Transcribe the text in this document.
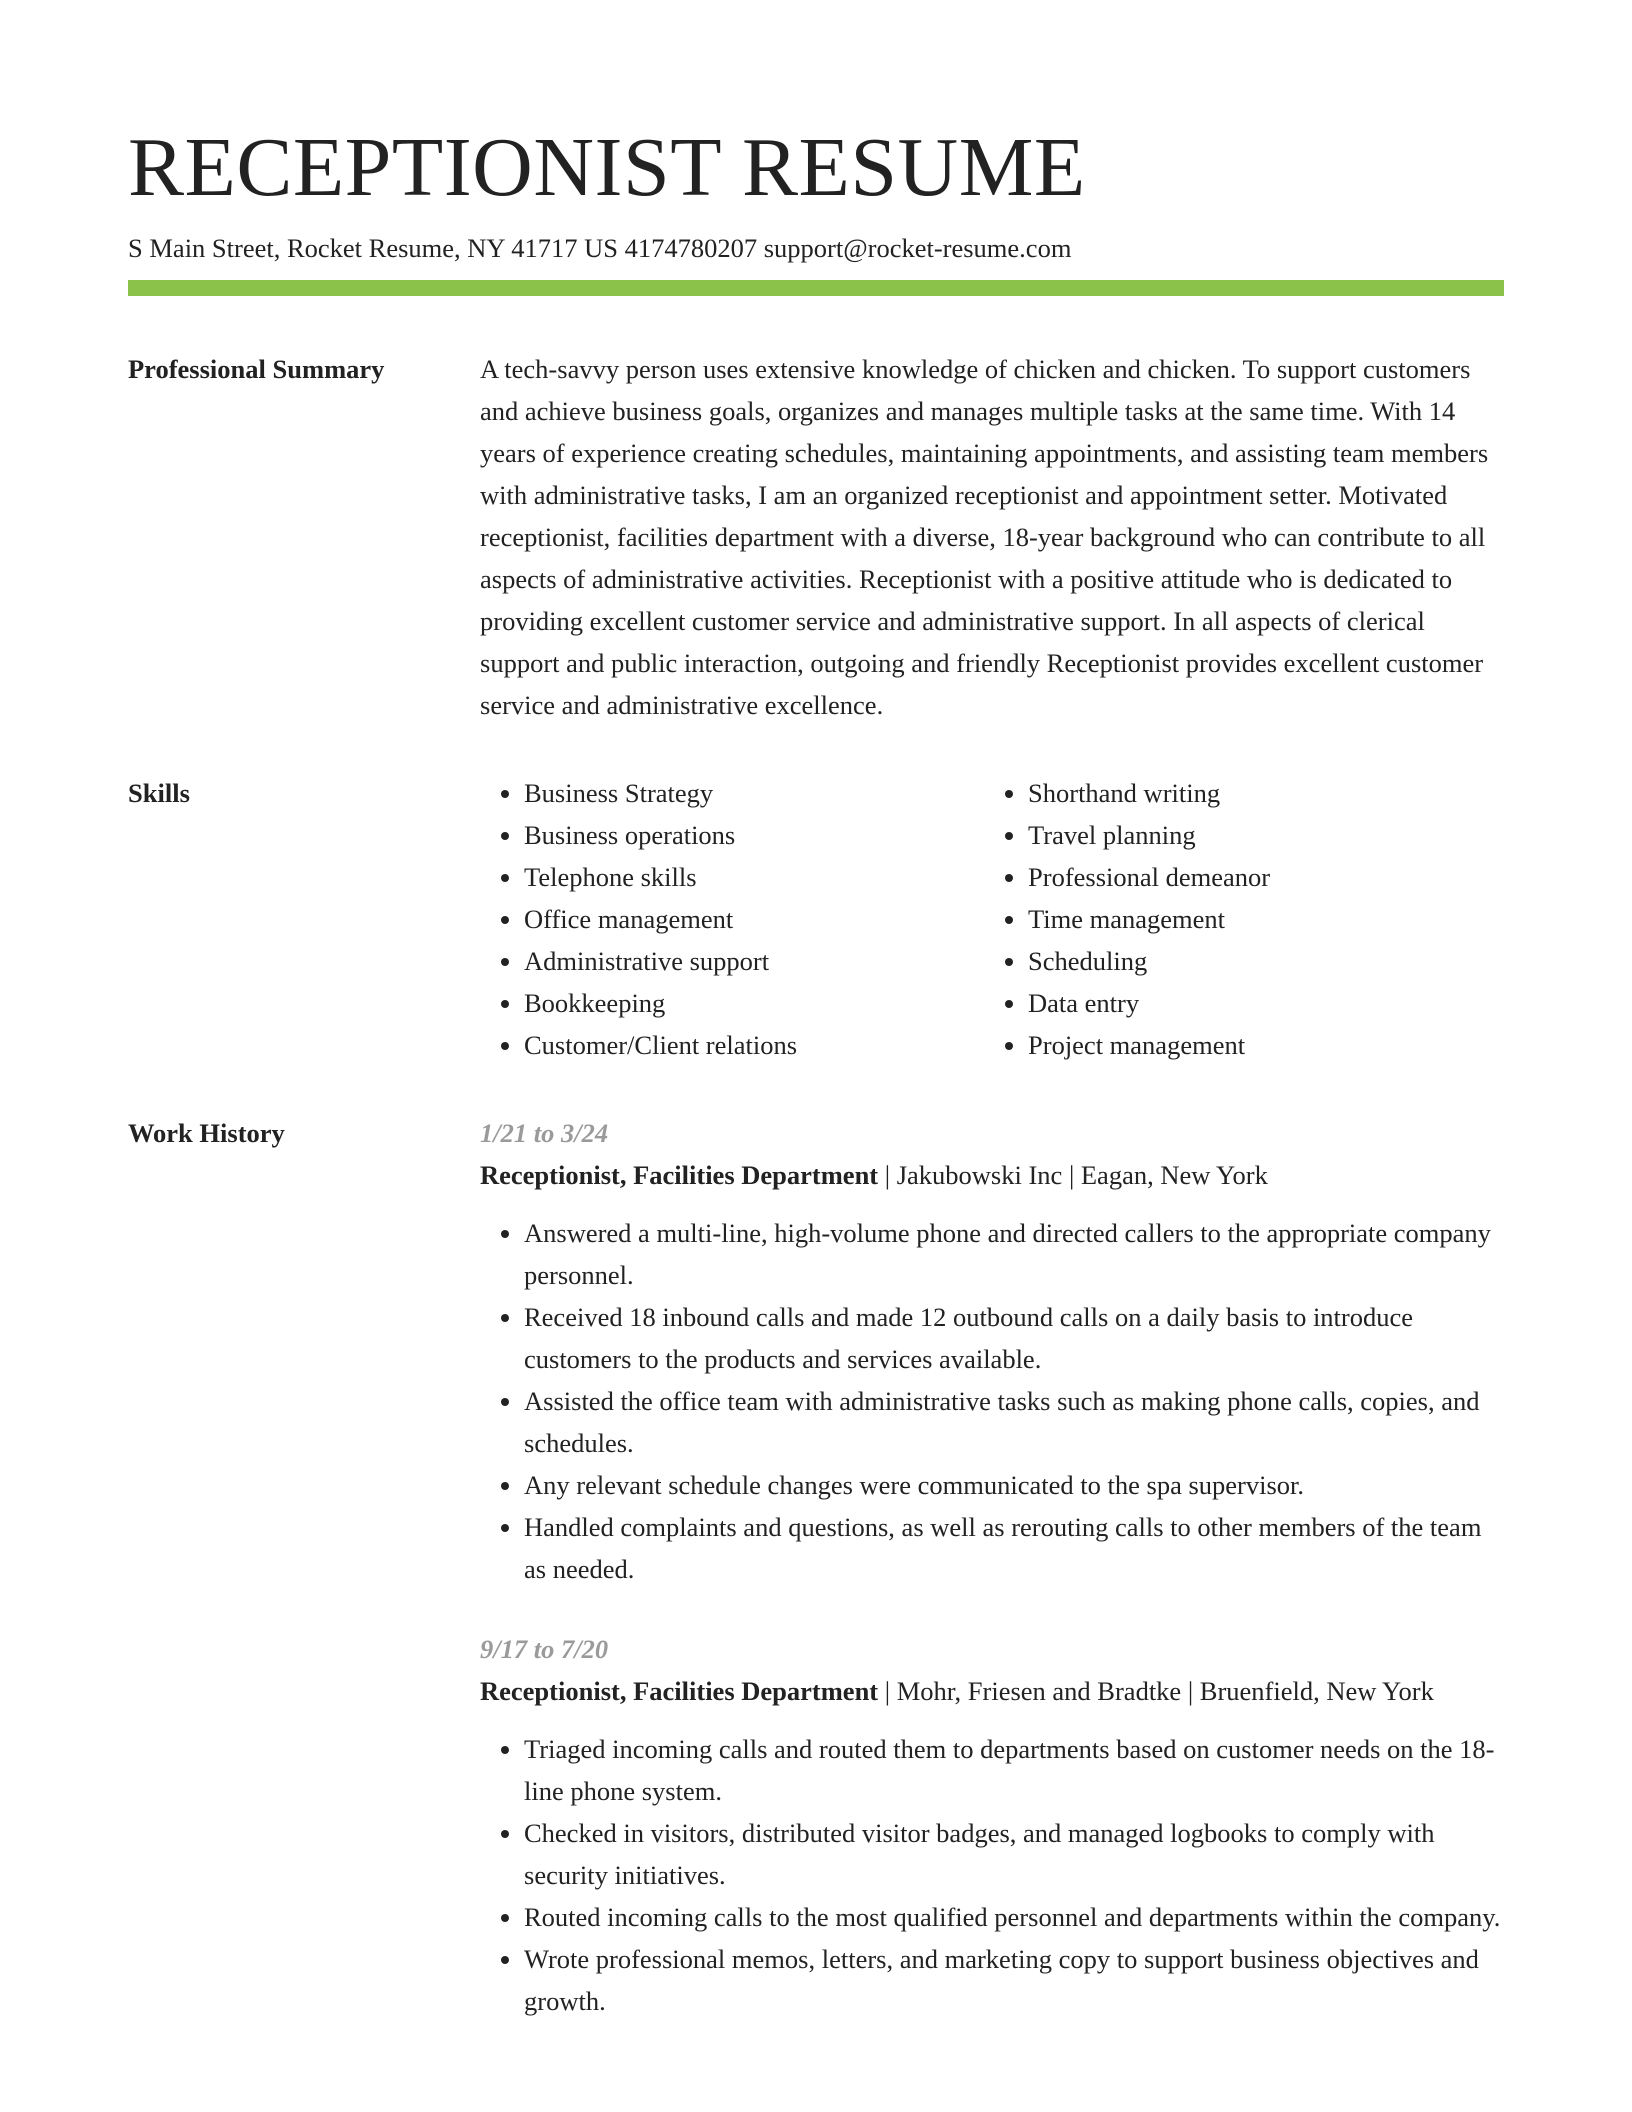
RECEPTIONIST RESUME
S Main Street, Rocket Resume, NY 41717 US 4174780207 support@rocket-resume.com
Professional Summary	A tech-savvy person uses extensive knowledge of chicken and chicken. To support customers and achieve business goals, organizes and manages multiple tasks at the same time. With 14 years of experience creating schedules, maintaining appointments, and assisting team members with administrative tasks, I am an organized receptionist and appointment setter. Motivated receptionist, facilities department with a diverse, 18-year background who can contribute to all aspects of administrative activities. Receptionist with a positive attitude who is dedicated to providing excellent customer service and administrative support. In all aspects of clerical support and public interaction, outgoing and friendly Receptionist provides excellent customer service and administrative excellence.

Skills
•	Business Strategy
• Business operations
• Telephone skills
• Office management
• Administrative support
• Bookkeeping
• Customer/Client relations
• Shorthand writing
• Travel planning
• Professional demeanor
• Time management
• Scheduling
• Data entry
• Project management
Work History	1/21 to 3/24
Receptionist, Facilities Department | Jakubowski Inc | Eagan, New York
• Answered a multi-line, high-volume phone and directed callers to the appropriate company personnel.
• Received 18 inbound calls and made 12 outbound calls on a daily basis to introduce customers to the products and services available.
• Assisted the office team with administrative tasks such as making phone calls, copies, and schedules.
• Any relevant schedule changes were communicated to the spa supervisor.
• Handled complaints and questions, as well as rerouting calls to other members of the team as needed.
9/17 to 7/20
Receptionist, Facilities Department | Mohr, Friesen and Bradtke | Bruenfield, New York
• Triaged incoming calls and routed them to departments based on customer needs on the 18-line phone system.
• Checked in visitors, distributed visitor badges, and managed logbooks to comply with security initiatives.
• Routed incoming calls to the most qualified personnel and departments within the company.
• Wrote professional memos, letters, and marketing copy to support business objectives and growth.
